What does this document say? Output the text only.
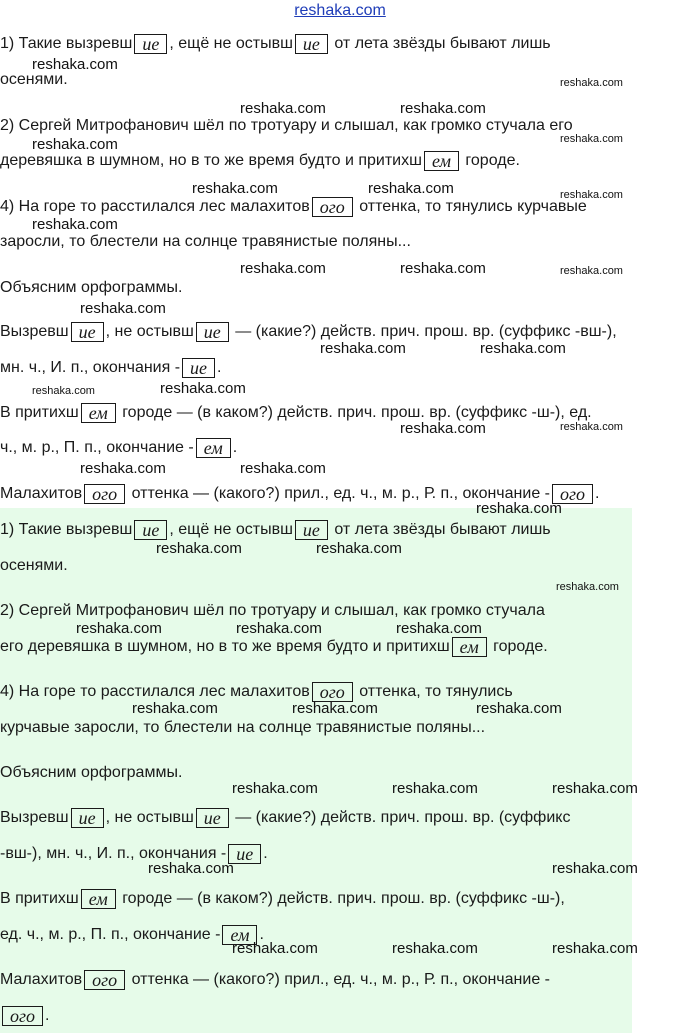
reshaka.com
1) Такие вызревш ие , ещё не остывш ие от лета звёзды бывают лишь
осенями.
2) Сергей Митрофанович шёл по тротуару и слышал, как громко стучала его
деревяшка в шумном, но в то же время будто и притихш ем городе.
4) На горе то расстилался лес малахитов ого оттенка, то тянулись курчавые
заросли, то блестели на солнце травянистые поляны...
Объясним орфограммы.
Вызревш ие , не остывш ие — (какие?) действ. прич. прош. вр. (суффикс -вш-),
мн. ч., И. п., окончания - ие .
В притихш ем городе — (в каком?) действ. прич. прош. вр. (суффикс -ш-), ед.
ч., м. р., П. п., окончание - ем .
Малахитов ого оттенка — (какого?) прил., ед. ч., м. р., Р. п., окончание - ого .
1) Такие вызревш ие , ещё не остывш ие от лета звёзды бывают лишь
осенями.
2) Сергей Митрофанович шёл по тротуару и слышал, как громко стучала
его деревяшка в шумном, но в то же время будто и притихш ем городе.
4) На горе то расстилался лес малахитов ого оттенка, то тянулись
курчавые заросли, то блестели на солнце травянистые поляны...
Объясним орфограммы.
Вызревш ие , не остывш ие — (какие?) действ. прич. прош. вр. (суффикс
-вш-), мн. ч., И. п., окончания - ие .
В притихш ем городе — (в каком?) действ. прич. прош. вр. (суффикс -ш-),
ед. ч., м. р., П. п., окончание - ем .
Малахитов ого оттенка — (какого?) прил., ед. ч., м. р., Р. п., окончание -
ого .
reshaka.com
reshaka.com
reshaka.com	reshaka.com
reshaka.com
reshaka.com
reshaka.com	reshaka.com	reshaka.com
reshaka.com
reshaka.com	reshaka.com	reshaka.com
reshaka.com
reshaka.com	reshaka.com
reshaka.com
reshaka.com
reshaka.com	reshaka.com
reshaka.com	reshaka.com
reshaka.com
reshaka.com	reshaka.com
reshaka.com
reshaka.com	reshaka.com	reshaka.com
reshaka.com	reshaka.com	reshaka.com
reshaka.com	reshaka.com	reshaka.com
reshaka.com	reshaka.com
reshaka.com	reshaka.com	reshaka.com
